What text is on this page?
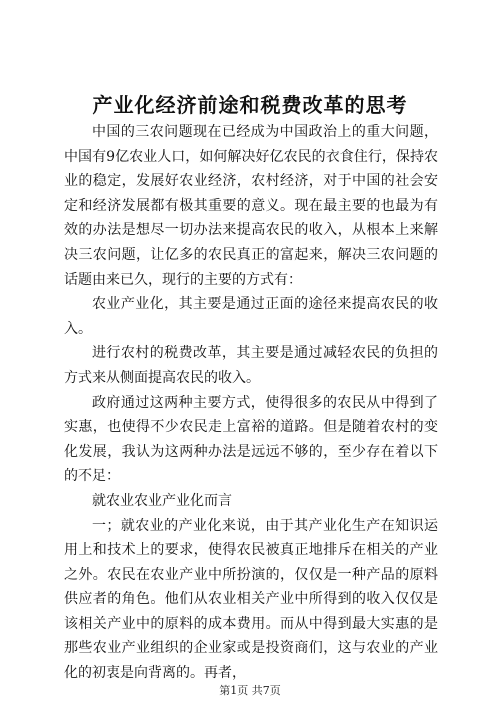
产业化经济前途和税费改革的思考

中国的三农问题现在已经成为中国政治上的重大问题，中国有9亿农业人口，如何解决好亿农民的衣食住行，保持农业的稳定，发展好农业经济，农村经济，对于中国的社会安定和经济发展都有极其重要的意义。现在最主要的也最为有效的办法是想尽一切办法来提高农民的收入，从根本上来解决三农问题，让亿多的农民真正的富起来，解决三农问题的话题由来已久，现行的主要的方式有：

农业产业化，其主要是通过正面的途径来提高农民的收入。

进行农村的税费改革，其主要是通过减轻农民的负担的方式来从侧面提高农民的收入。

政府通过这两种主要方式，使得很多的农民从中得到了实惠，也使得不少农民走上富裕的道路。但是随着农村的变化发展，我认为这两种办法是远远不够的，至少存在着以下的不足：

就农业农业产业化而言

一；就农业的产业化来说，由于其产业化生产在知识运用上和技术上的要求，使得农民被真正地排斥在相关的产业之外。农民在农业产业中所扮演的，仅仅是一种产品的原料供应者的角色。他们从农业相关产业中所得到的收入仅仅是该相关产业中的原料的成本费用。而从中得到最大实惠的是那些农业产业组织的企业家或是投资商们，这与农业的产业化的初衷是向背离的。再者，

第1页 共7页
